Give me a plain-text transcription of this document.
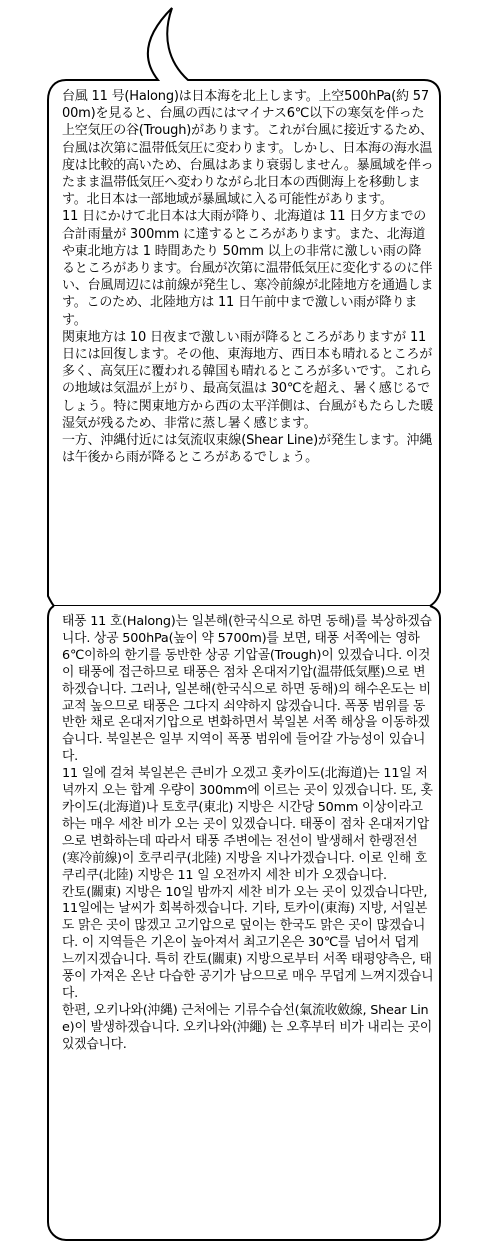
台風 11 号(Halong)は日本海を北上します。上空500hPa(約 5700m)を見ると、台風の西にはマイナス6℃以下の寒気を伴った上空気圧の谷(Trough)があります。これが台風に接近するため、台風は次第に温帯低気圧に変わります。しかし、日本海の海水温度は比較的高いため、台風はあまり衰弱しません。暴風域を伴ったまま温帯低気圧へ変わりながら北日本の西側海上を移動します。北日本は一部地域が暴風域に入る可能性があります。

11 日にかけて北日本は大雨が降り、北海道は 11 日夕方までの合計雨量が 300mm に達するところがあります。また、北海道や東北地方は 1 時間あたり 50mm 以上の非常に激しい雨の降るところがあります。台風が次第に温帯低気圧に変化するのに伴い、台風周辺には前線が発生し、寒冷前線が北陸地方を通過します。このため、北陸地方は 11 日午前中まで激しい雨が降ります。

関東地方は 10 日夜まで激しい雨が降るところがありますが 11 日には回復します。その他、東海地方、西日本も晴れるところが多く、高気圧に覆われる韓国も晴れるところが多いです。これらの地域は気温が上がり、最高気温は 30℃を超え、暑く感じるでしょう。特に関東地方から西の太平洋側は、台風がもたらした暖湿気が残るため、非常に蒸し暑く感じます。

一方、沖縄付近には気流収束線(Shear Line)が発生します。沖縄は午後から雨が降るところがあるでしょう。

태풍 11 호(Halong)는 일본해(한국식으로 하면 동해)를 북상하겠습니다. 상공 500hPa(높이 약 5700m)를 보면, 태풍 서쪽에는 영하 6℃이하의 한기를 동반한 상공 기압골(Trough)이 있겠습니다. 이것이 태풍에 접근하므로 태풍은 점차 온대저기압(温帯低気壓)으로 변하겠습니다. 그러나, 일본해(한국식으로 하면 동해)의 해수온도는 비교적 높으므로 태풍은 그다지 쇠약하지 않겠습니다. 폭풍 범위를 동반한 채로 온대저기압으로 변화하면서 북일본 서쪽 해상을 이동하겠습니다. 북일본은 일부 지역이 폭풍 범위에 들어갈 가능성이 있습니다.

11 일에 걸쳐 북일본은 큰비가 오겠고 홋카이도(北海道)는 11일 저녁까지 오는 합계 우량이 300mm에 이르는 곳이 있겠습니다. 또, 홋카이도(北海道)나 토호쿠(東北) 지방은 시간당 50mm 이상이라고 하는 매우 세찬 비가 오는 곳이 있겠습니다. 태풍이 점차 온대저기압으로 변화하는데 따라서 태풍 주변에는 전선이 발생해서 한랭전선(寒冷前線)이 호쿠리쿠(北陸) 지방을 지나가겠습니다. 이로 인해 호쿠리쿠(北陸) 지방은 11 일 오전까지 세찬 비가 오겠습니다.

칸토(關東) 지방은 10일 밤까지 세찬 비가 오는 곳이 있겠습니다만, 11일에는 날씨가 회복하겠습니다. 기타, 토카이(東海) 지방, 서일본도 맑은 곳이 많겠고 고기압으로 덮이는 한국도 맑은 곳이 많겠습니다. 이 지역들은 기온이 높아져서 최고기온은 30℃를 넘어서 덥게 느끼지겠습니다. 특히 칸토(關東) 지방으로부터 서쪽 태평양측은, 태풍이 가져온 온난 다습한 공기가 남으므로 매우 무덥게 느껴지겠습니다.

한편, 오키나와(沖縄) 근처에는 기류수습선(氣流收斂線, Shear Line)이 발생하겠습니다. 오키나와(沖繩) 는 오후부터 비가 내리는 곳이 있겠습니다.
